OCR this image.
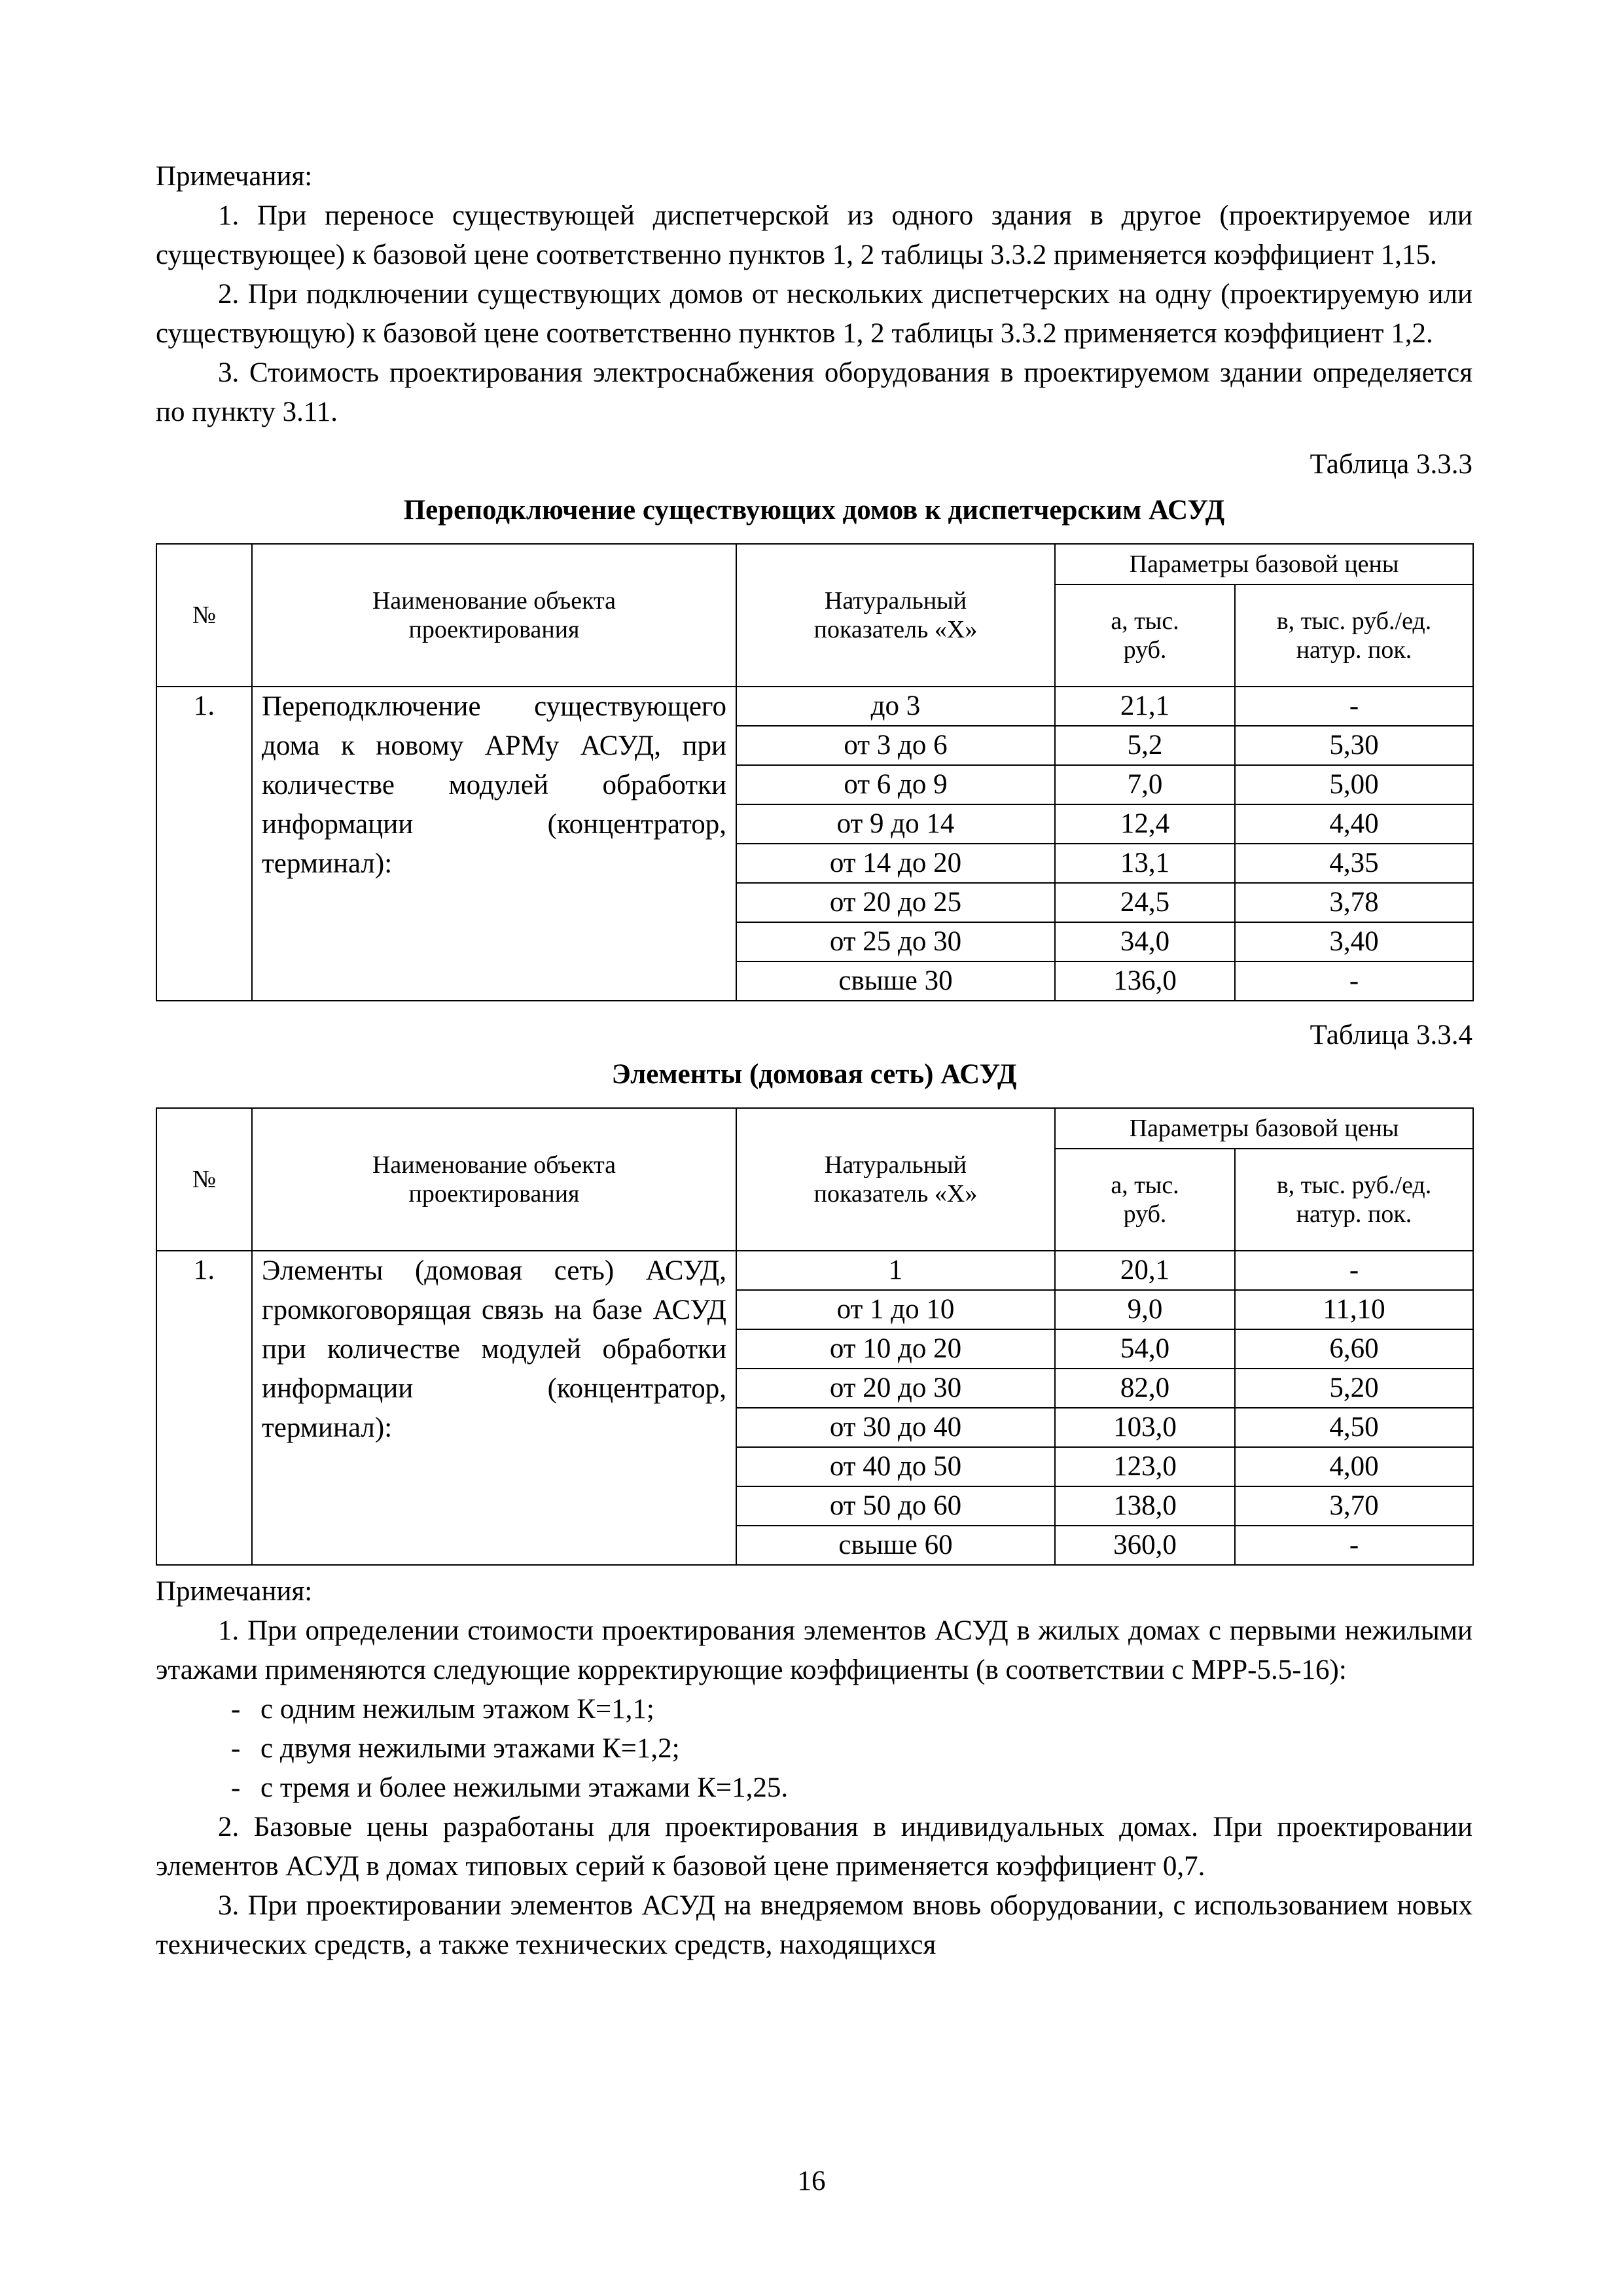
Примечания:

1. При переносе существующей диспетчерской из одного здания в другое (проектируемое или существующее) к базовой цене соответственно пунктов 1, 2 таблицы 3.3.2 применяется коэффициент 1,15.

2. При подключении существующих домов от нескольких диспетчерских на одну (проектируемую или существующую) к базовой цене соответственно пунктов 1, 2 таблицы 3.3.2 применяется коэффициент 1,2.

3. Стоимость проектирования электроснабжения оборудования в проектируемом здании определяется по пункту 3.11.

Таблица 3.3.3

Переподключение существующих домов к диспетчерским АСУД

№	Наименование объекта проектирования	Натуральный показатель «Х»	Параметры базовой цены	
			а, тыс. руб.	в, тыс. руб./ед. натур. пок.
1.	Переподключение существующего дома к новому АРМу АСУД, при количестве модулей обработки информации (концентратор, терминал):	до 3	21,1	-
		от 3 до 6	5,2	5,30
		от 6 до 9	7,0	5,00
		от 9 до 14	12,4	4,40
		от 14 до 20	13,1	4,35
		от 20 до 25	24,5	3,78
		от 25 до 30	34,0	3,40
		свыше 30	136,0	-

Таблица 3.3.4

Элементы (домовая сеть) АСУД

№	Наименование объекта проектирования	Натуральный показатель «Х»	Параметры базовой цены	
			а, тыс. руб.	в, тыс. руб./ед. натур. пок.
1.	Элементы (домовая сеть) АСУД, громкоговорящая связь на базе АСУД при количестве модулей обработки информации (концентратор, терминал):	1	20,1	-
		от 1 до 10	9,0	11,10
		от 10 до 20	54,0	6,60
		от 20 до 30	82,0	5,20
		от 30 до 40	103,0	4,50
		от 40 до 50	123,0	4,00
		от 50 до 60	138,0	3,70
		свыше 60	360,0	-

Примечания:

1. При определении стоимости проектирования элементов АСУД в жилых домах с первыми нежилыми этажами применяются следующие корректирующие коэффициенты (в соответствии с МРР-5.5-16):

- с одним нежилым этажом К=1,1;

- с двумя нежилыми этажами К=1,2;

- с тремя и более нежилыми этажами К=1,25.

2. Базовые цены разработаны для проектирования в индивидуальных домах. При проектировании элементов АСУД в домах типовых серий к базовой цене применяется коэффициент 0,7.

3. При проектировании элементов АСУД на внедряемом вновь оборудовании, с использованием новых технических средств, а также технических средств, находящихся

16
